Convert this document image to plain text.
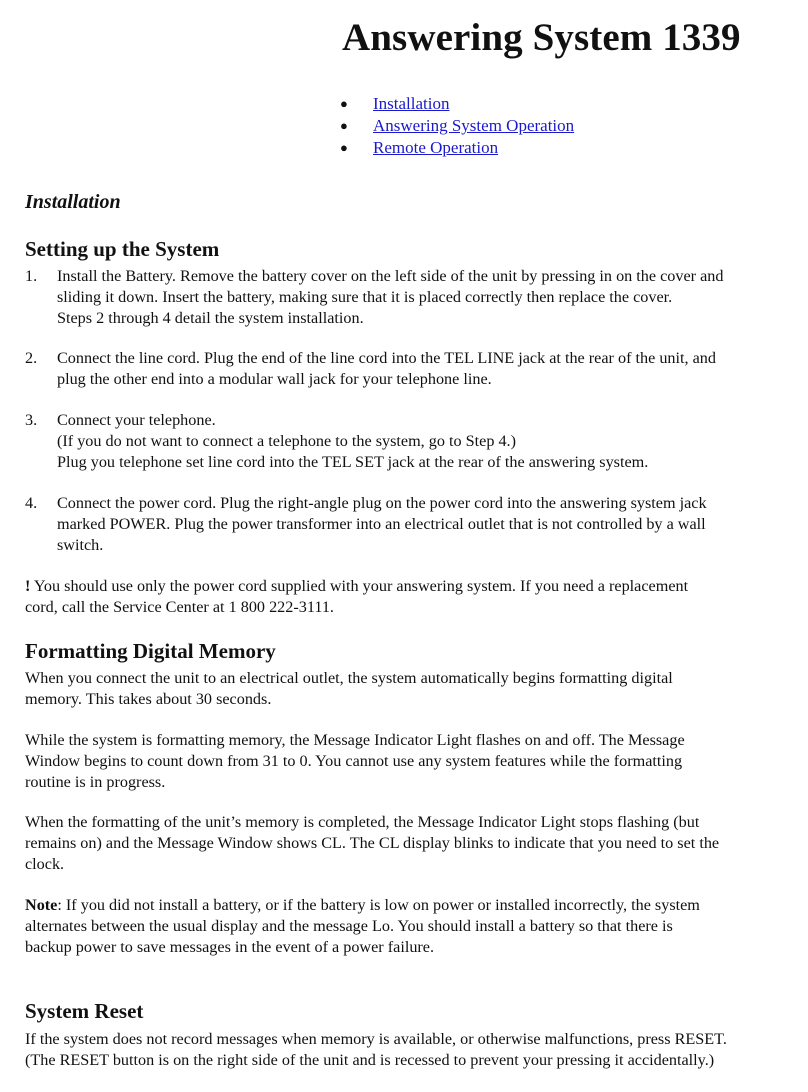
Answering System 1339
● Installation
● Answering System Operation
● Remote Operation
Installation
Setting up the System
1. Install the Battery. Remove the battery cover on the left side of the unit by pressing in on the cover and
sliding it down. Insert the battery, making sure that it is placed correctly then replace the cover.
Steps 2 through 4 detail the system installation.
2. Connect the line cord. Plug the end of the line cord into the TEL LINE jack at the rear of the unit, and
plug the other end into a modular wall jack for your telephone line.
3. Connect your telephone.
(If you do not want to connect a telephone to the system, go to Step 4.)
Plug you telephone set line cord into the TEL SET jack at the rear of the answering system.
4. Connect the power cord. Plug the right-angle plug on the power cord into the answering system jack
marked POWER. Plug the power transformer into an electrical outlet that is not controlled by a wall
switch.
! You should use only the power cord supplied with your answering system. If you need a replacement
cord, call the Service Center at 1 800 222-3111.
Formatting Digital Memory
When you connect the unit to an electrical outlet, the system automatically begins formatting digital
memory. This takes about 30 seconds.
While the system is formatting memory, the Message Indicator Light flashes on and off. The Message
Window begins to count down from 31 to 0. You cannot use any system features while the formatting
routine is in progress.
When the formatting of the unit’s memory is completed, the Message Indicator Light stops flashing (but
remains on) and the Message Window shows CL. The CL display blinks to indicate that you need to set the
clock.
Note: If you did not install a battery, or if the battery is low on power or installed incorrectly, the system
alternates between the usual display and the message Lo. You should install a battery so that there is
backup power to save messages in the event of a power failure.
System Reset
If the system does not record messages when memory is available, or otherwise malfunctions, press RESET.
(The RESET button is on the right side of the unit and is recessed to prevent your pressing it accidentally.)
